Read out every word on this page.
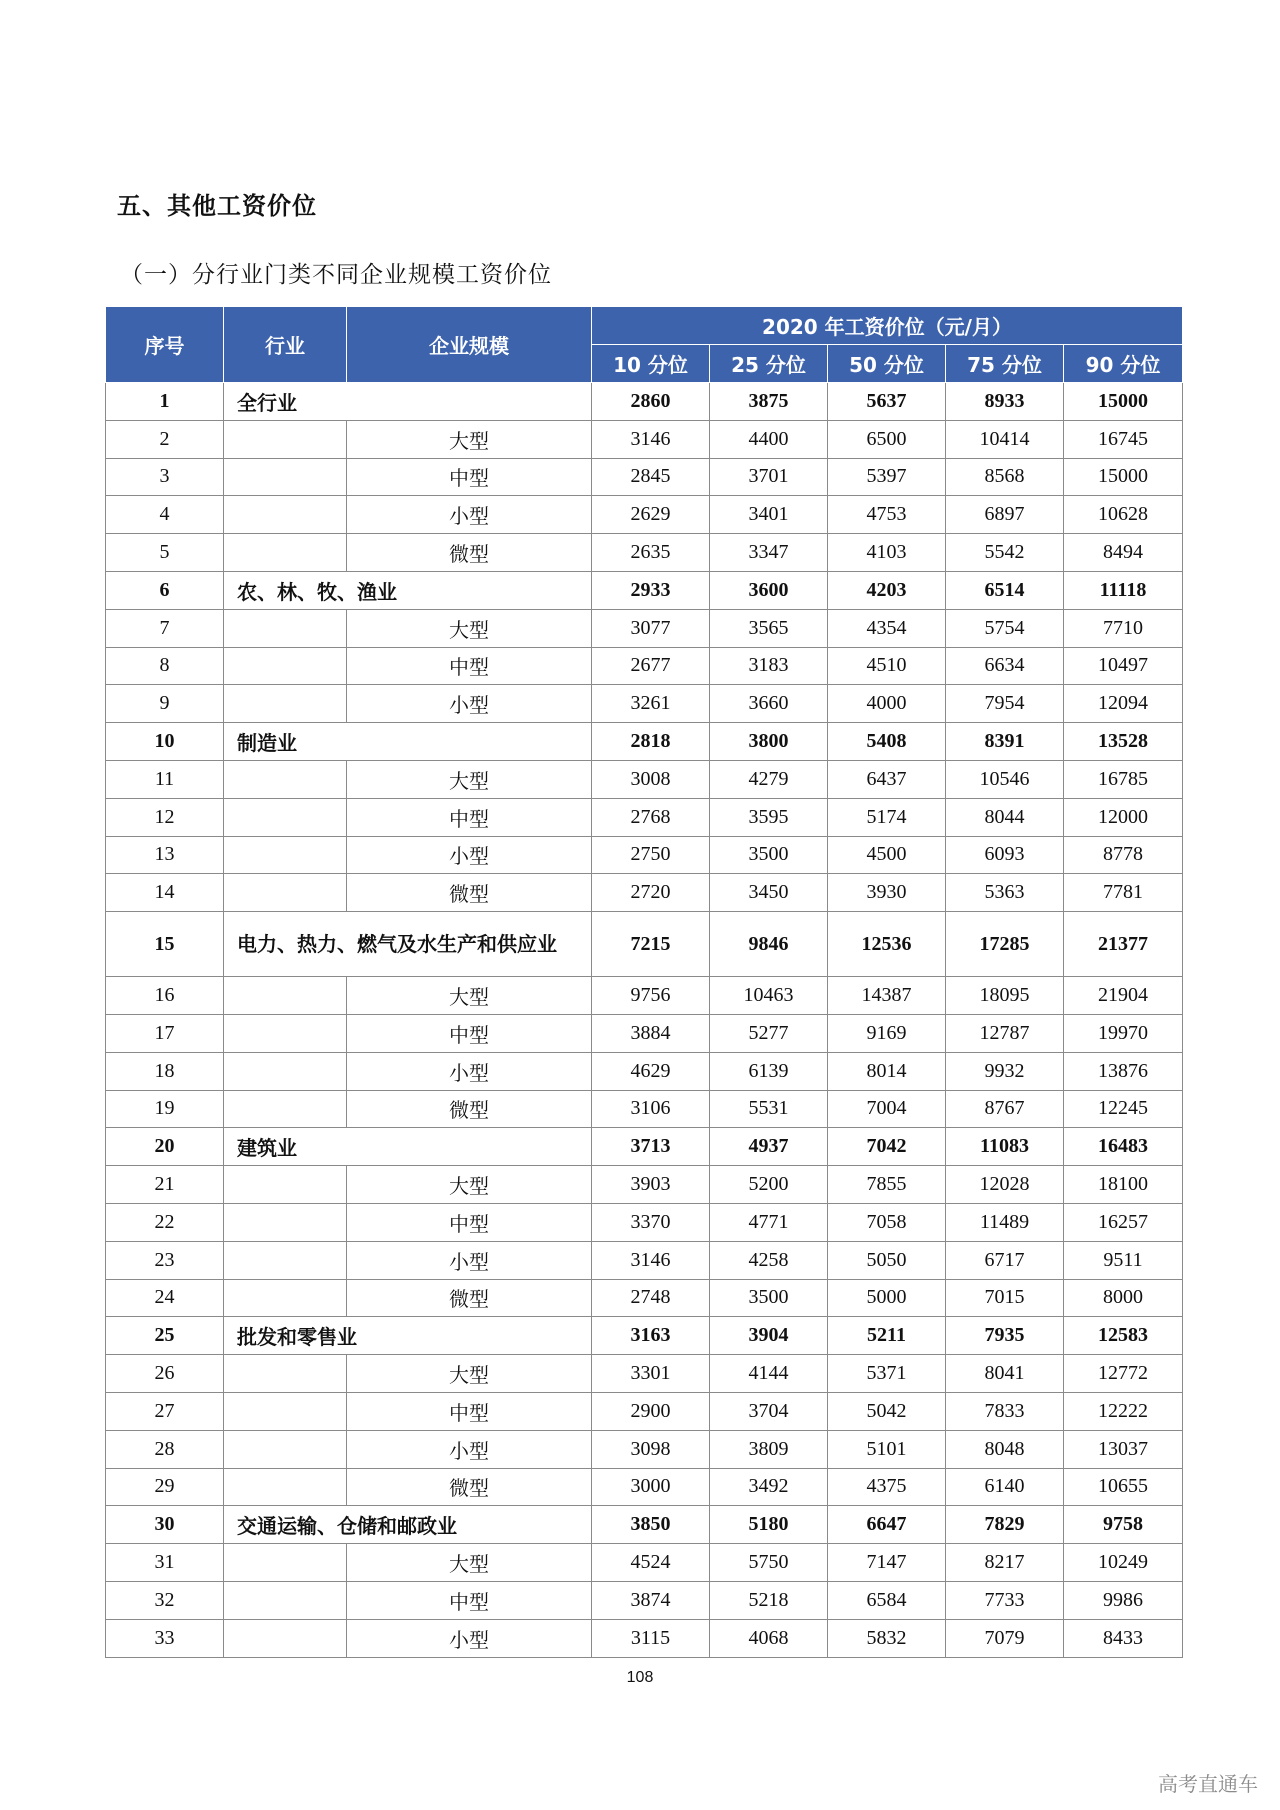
五、其他工资价位
（一）分行业门类不同企业规模工资价位
序号	行业	企业规模	2020 年工资价位（元/月）				
			10 分位	25 分位	50 分位	75 分位	90 分位
1	全行业		2860	3875	5637	8933	15000
2		大型	3146	4400	6500	10414	16745
3		中型	2845	3701	5397	8568	15000
4		小型	2629	3401	4753	6897	10628
5		微型	2635	3347	4103	5542	8494
6	农、林、牧、渔业		2933	3600	4203	6514	11118
7		大型	3077	3565	4354	5754	7710
8		中型	2677	3183	4510	6634	10497
9		小型	3261	3660	4000	7954	12094
10	制造业		2818	3800	5408	8391	13528
11		大型	3008	4279	6437	10546	16785
12		中型	2768	3595	5174	8044	12000
13		小型	2750	3500	4500	6093	8778
14		微型	2720	3450	3930	5363	7781
15	电力、热力、燃气及水生产和供应业		7215	9846	12536	17285	21377
16		大型	9756	10463	14387	18095	21904
17		中型	3884	5277	9169	12787	19970
18		小型	4629	6139	8014	9932	13876
19		微型	3106	5531	7004	8767	12245
20	建筑业		3713	4937	7042	11083	16483
21		大型	3903	5200	7855	12028	18100
22		中型	3370	4771	7058	11489	16257
23		小型	3146	4258	5050	6717	9511
24		微型	2748	3500	5000	7015	8000
25	批发和零售业		3163	3904	5211	7935	12583
26		大型	3301	4144	5371	8041	12772
27		中型	2900	3704	5042	7833	12222
28		小型	3098	3809	5101	8048	13037
29		微型	3000	3492	4375	6140	10655
30	交通运输、仓储和邮政业		3850	5180	6647	7829	9758
31		大型	4524	5750	7147	8217	10249
32		中型	3874	5218	6584	7733	9986
33		小型	3115	4068	5832	7079	8433
108
高考直通车
